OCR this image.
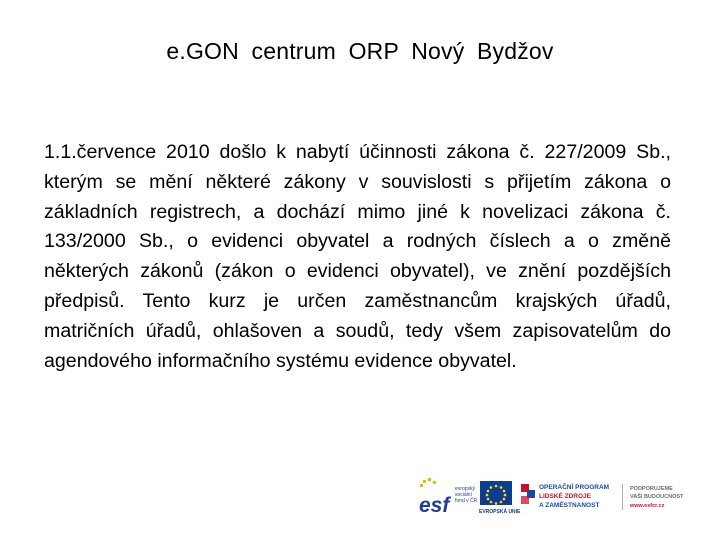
e.GON centrum ORP Nový Bydžov
1.1.července 2010 došlo k nabytí účinnosti zákona č. 227/2009 Sb., kterým se mění některé zákony v souvislosti s přijetím zákona o základních registrech, a dochází mimo jiné k novelizaci zákona č. 133/2000 Sb., o evidenci obyvatel a rodných číslech a o změně některých zákonů (zákon o evidenci obyvatel), ve znění pozdějších předpisů. Tento kurz je určen zaměstnancům krajských úřadů, matričních úřadů, ohlašoven a soudů, tedy všem zapisovatelům do agendového informačního systému evidence obyvatel.
esf
evropský
sociální
fond v ČR
EVROPSKÁ UNIE
OPERAČNÍ PROGRAM
LIDSKÉ ZDROJE
A ZAMĚSTNANOST
PODPORUJEME
VAŠI BUDOUCNOST
www.esfcr.cz
